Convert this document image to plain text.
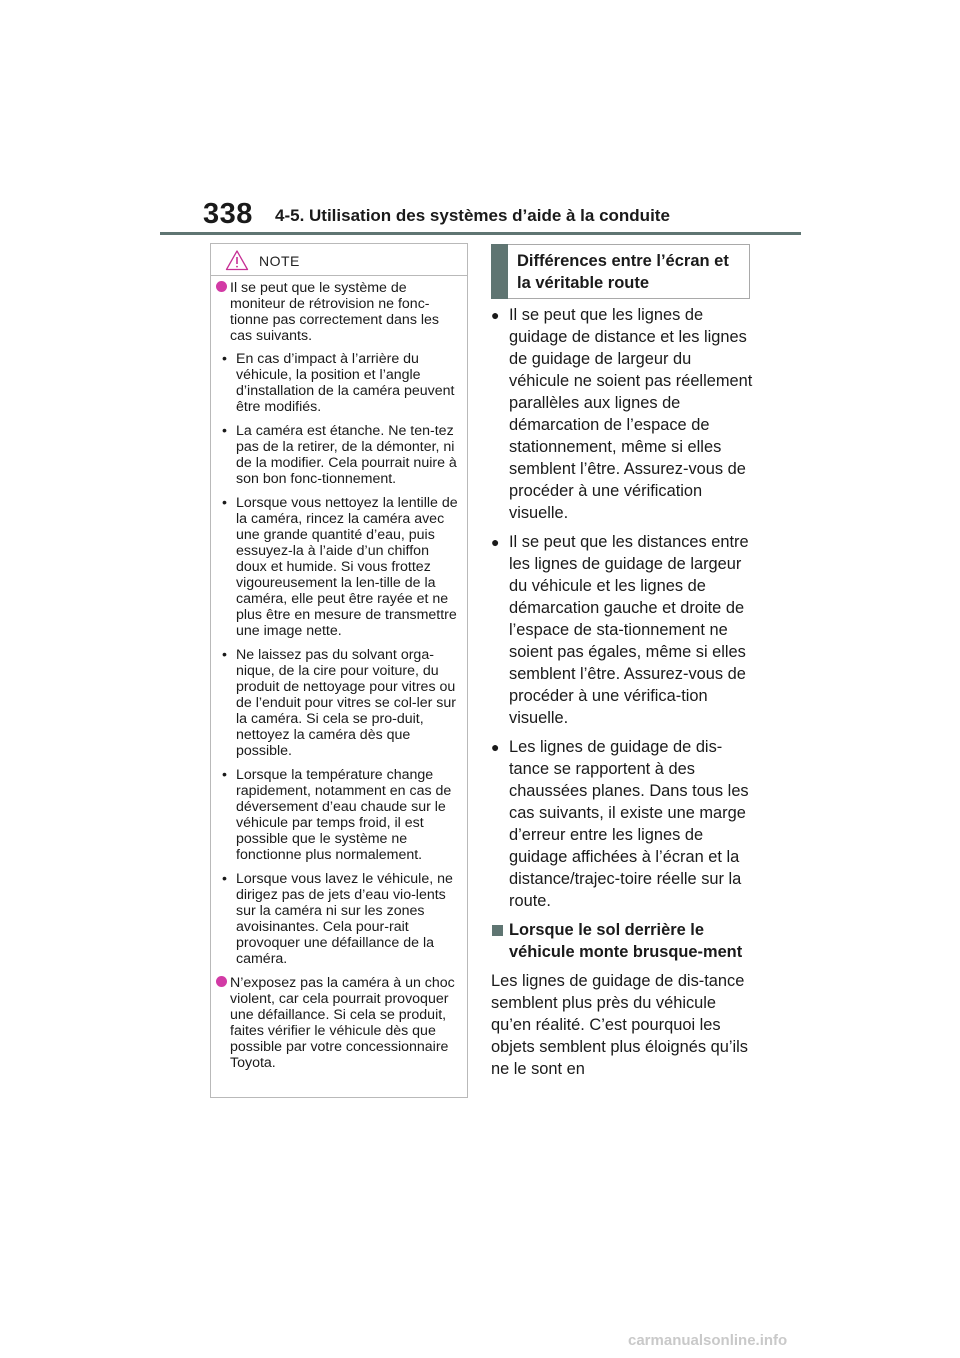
338 4-5. Utilisation des systèmes d’aide à la conduite
NOTE

Il se peut que le système de moniteur de rétrovision ne fonc-tionne pas correctement dans les cas suivants.

• En cas d’impact à l’arrière du véhicule, la position et l’angle d’installation de la caméra peuvent être modifiés.

• La caméra est étanche. Ne ten-tez pas de la retirer, de la démonter, ni de la modifier. Cela pourrait nuire à son bon fonc-tionnement.

• Lorsque vous nettoyez la lentille de la caméra, rincez la caméra avec une grande quantité d’eau, puis essuyez-la à l’aide d’un chiffon doux et humide. Si vous frottez vigoureusement la len-tille de la caméra, elle peut être rayée et ne plus être en mesure de transmettre une image nette.

• Ne laissez pas du solvant orga-nique, de la cire pour voiture, du produit de nettoyage pour vitres ou de l’enduit pour vitres se col-ler sur la caméra. Si cela se pro-duit, nettoyez la caméra dès que possible.

• Lorsque la température change rapidement, notamment en cas de déversement d’eau chaude sur le véhicule par temps froid, il est possible que le système ne fonctionne plus normalement.

• Lorsque vous lavez le véhicule, ne dirigez pas de jets d’eau vio-lents sur la caméra ni sur les zones avoisinantes. Cela pour-rait provoquer une défaillance de la caméra.

N’exposez pas la caméra à un choc violent, car cela pourrait provoquer une défaillance. Si cela se produit, faites vérifier le véhicule dès que possible par votre concessionnaire Toyota.

Différences entre l’écran et la véritable route

● Il se peut que les lignes de guidage de distance et les lignes de guidage de largeur du véhicule ne soient pas réellement parallèles aux lignes de démarcation de l’espace de stationnement, même si elles semblent l’être. Assurez-vous de procéder à une vérification visuelle.

● Il se peut que les distances entre les lignes de guidage de largeur du véhicule et les lignes de démarcation gauche et droite de l’espace de sta-tionnement ne soient pas égales, même si elles semblent l’être. Assurez-vous de procéder à une vérifica-tion visuelle.

● Les lignes de guidage de dis-tance se rapportent à des chaussées planes. Dans tous les cas suivants, il existe une marge d’erreur entre les lignes de guidage affichées à l’écran et la distance/trajec-toire réelle sur la route.

Lorsque le sol derrière le véhicule monte brusque-ment

Les lignes de guidage de dis-tance semblent plus près du véhicule qu’en réalité. C’est pourquoi les objets semblent plus éloignés qu’ils ne le sont en

carmanualsonline.info
